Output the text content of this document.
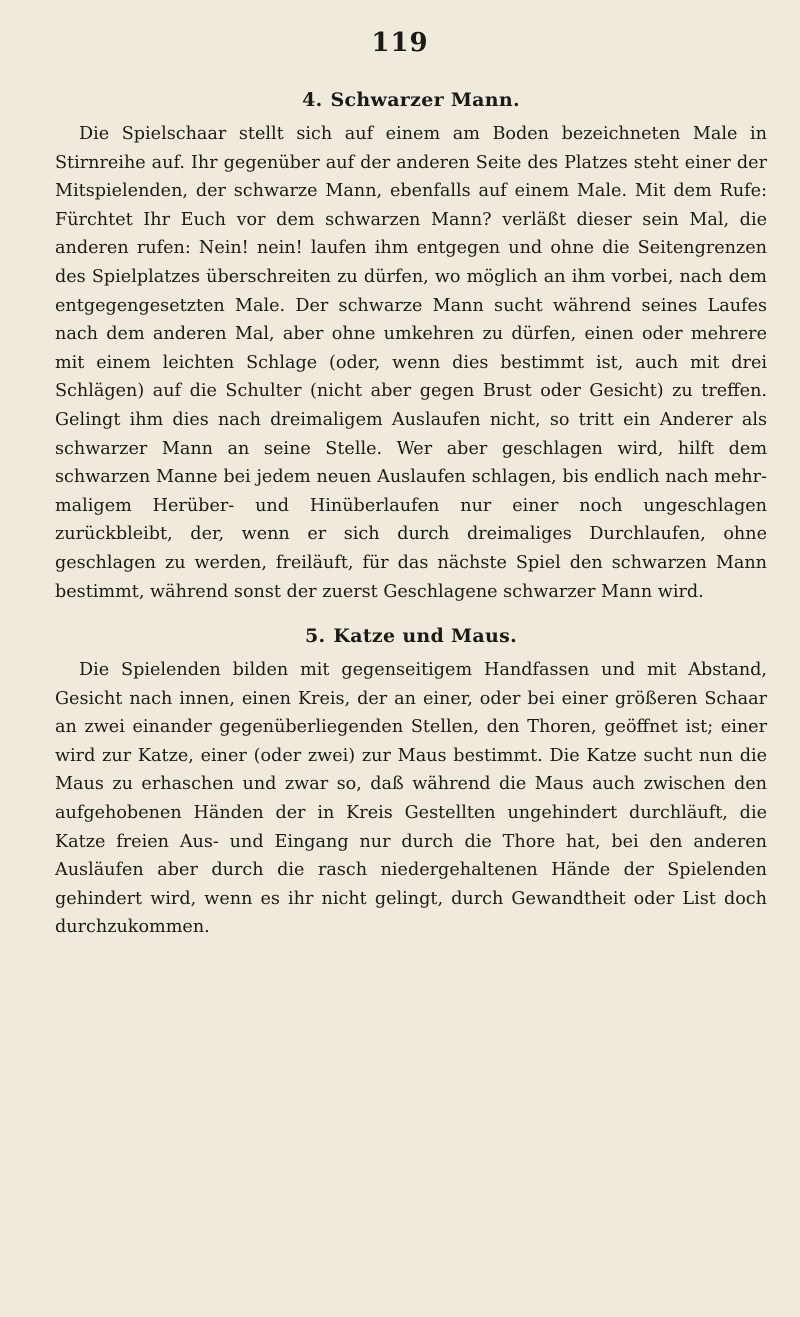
119
4. Schwarzer Mann.

Die Spielschaar stellt sich auf einem am Boden bezeichneten Male in Stirnreihe auf. Ihr gegenüber auf der anderen Seite des Platzes steht einer der Mitspielenden, der schwarze Mann, ebenfalls auf einem Male. Mit dem Rufe: Fürchtet Ihr Euch vor dem schwarzen Mann? verläßt dieser sein Mal, die anderen rufen: Nein! nein! laufen ihm entgegen und ohne die Seitengrenzen des Spielplatzes überschreiten zu dürfen, wo möglich an ihm vorbei, nach dem entgegengesetzten Male. Der schwarze Mann sucht während seines Laufes nach dem anderen Mal, aber ohne umkehren zu dürfen, einen oder mehrere mit einem leichten Schlage (oder, wenn dies bestimmt ist, auch mit drei Schlägen) auf die Schulter (nicht aber gegen Brust oder Gesicht) zu treffen. Gelingt ihm dies nach dreimaligem Auslaufen nicht, so tritt ein Anderer als schwarzer Mann an seine Stelle. Wer aber geschlagen wird, hilft dem schwarzen Manne bei jedem neuen Auslaufen schlagen, bis endlich nach mehrmaligem Herüber- und Hinüberlaufen nur einer noch ungeschlagen zurückbleibt, der, wenn er sich durch dreimaliges Durchlaufen, ohne geschlagen zu werden, freiläuft, für das nächste Spiel den schwarzen Mann bestimmt, während sonst der zuerst Geschlagene schwarzer Mann wird.

5. Katze und Maus.

Die Spielenden bilden mit gegenseitigem Handfassen und mit Abstand, Gesicht nach innen, einen Kreis, der an einer, oder bei einer größeren Schaar an zwei einander gegenüberliegenden Stellen, den Thoren, geöffnet ist; einer wird zur Katze, einer (oder zwei) zur Maus bestimmt. Die Katze sucht nun die Maus zu erhaschen und zwar so, daß während die Maus auch zwischen den aufgehobenen Händen der in Kreis Gestellten ungehindert durchläuft, die Katze freien Aus- und Eingang nur durch die Thore hat, bei den anderen Ausläufen aber durch die rasch niedergehaltenen Hände der Spielenden gehindert wird, wenn es ihr nicht gelingt, durch Gewandtheit oder List doch durchzukommen.
